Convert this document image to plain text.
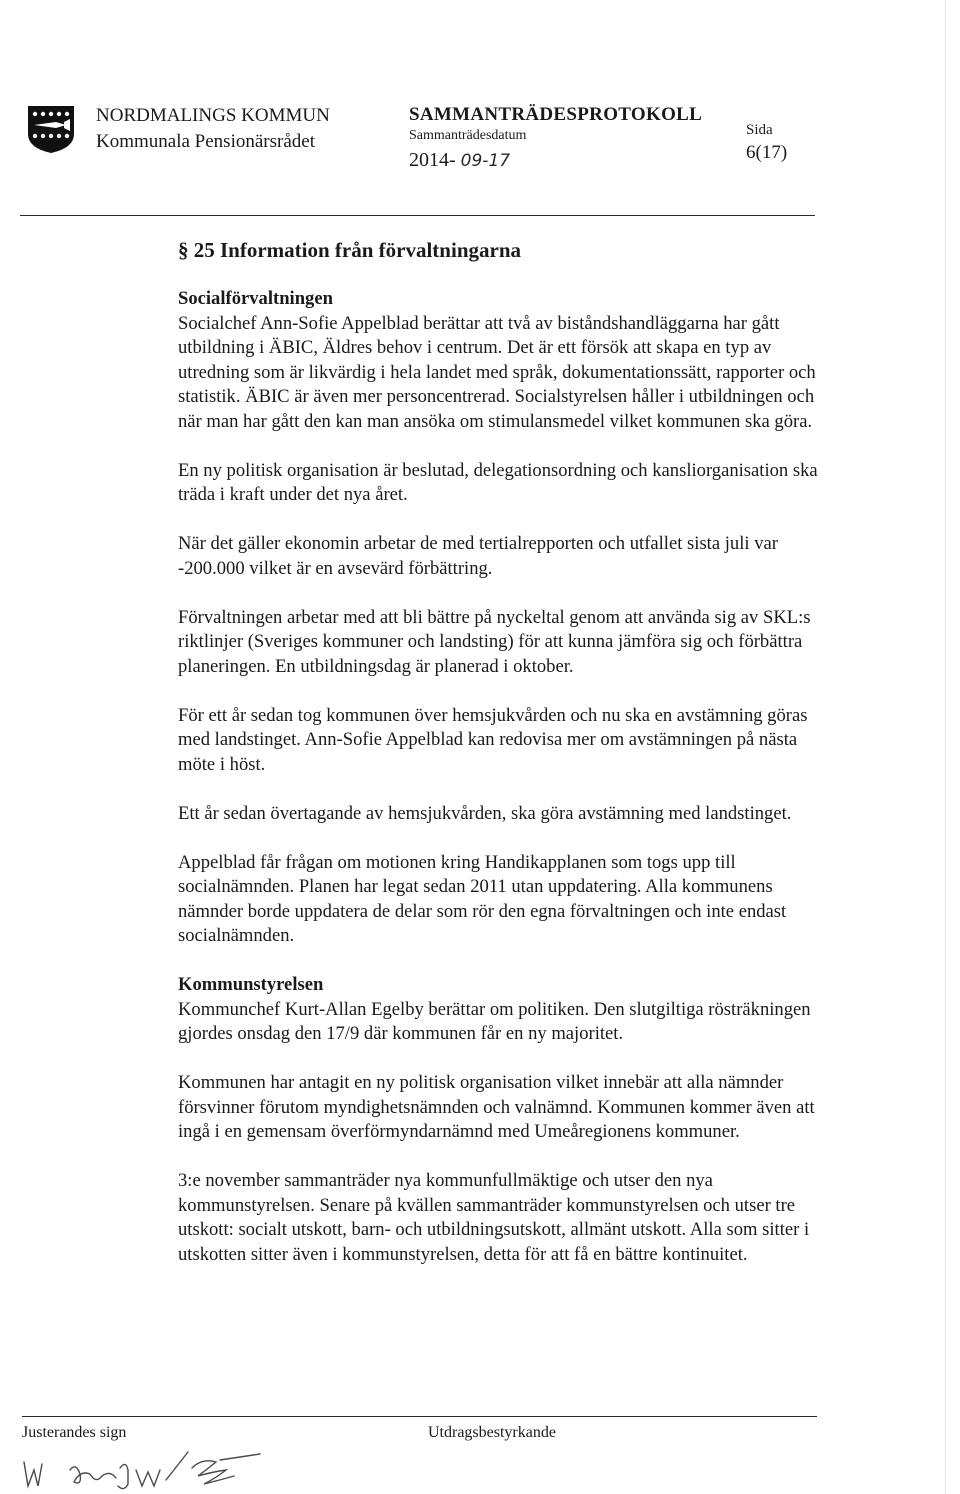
NORDMALINGS KOMMUN
Kommunala Pensionärsrådet
SAMMANTRÄDESPROTOKOLL
Sammanträdesdatum
2014- 09-17
Sida
6(17)
§ 25 Information från förvaltningarna
Socialförvaltningen

Socialchef Ann-Sofie Appelblad berättar att två av biståndshandläggarna har gått utbildning i ÄBIC, Äldres behov i centrum. Det är ett försök att skapa en typ av utredning som är likvärdig i hela landet med språk, dokumentationssätt, rapporter och statistik. ÄBIC är även mer personcentrerad. Socialstyrelsen håller i utbildningen och när man har gått den kan man ansöka om stimulansmedel vilket kommunen ska göra.

En ny politisk organisation är beslutad, delegationsordning och kansliorganisation ska träda i kraft under det nya året.

När det gäller ekonomin arbetar de med tertialrepporten och utfallet sista juli var -200.000 vilket är en avsevärd förbättring.

Förvaltningen arbetar med att bli bättre på nyckeltal genom att använda sig av SKL:s riktlinjer (Sveriges kommuner och landsting) för att kunna jämföra sig och förbättra planeringen. En utbildningsdag är planerad i oktober.

För ett år sedan tog kommunen över hemsjukvården och nu ska en avstämning göras med landstinget. Ann-Sofie Appelblad kan redovisa mer om avstämningen på nästa möte i höst.

Ett år sedan övertagande av hemsjukvården, ska göra avstämning med landstinget.

Appelblad får frågan om motionen kring Handikapplanen som togs upp till socialnämnden. Planen har legat sedan 2011 utan uppdatering. Alla kommunens nämnder borde uppdatera de delar som rör den egna förvaltningen och inte endast socialnämnden.

Kommunstyrelsen

Kommunchef Kurt-Allan Egelby berättar om politiken. Den slutgiltiga rösträkningen gjordes onsdag den 17/9 där kommunen får en ny majoritet.

Kommunen har antagit en ny politisk organisation vilket innebär att alla nämnder försvinner förutom myndighetsnämnden och valnämnd. Kommunen kommer även att ingå i en gemensam överförmyndarnämnd med Umeåregionens kommuner.

3:e november sammanträder nya kommunfullmäktige och utser den nya kommunstyrelsen. Senare på kvällen sammanträder kommunstyrelsen och utser tre utskott: socialt utskott, barn- och utbildningsutskott, allmänt utskott. Alla som sitter i utskotten sitter även i kommunstyrelsen, detta för att få en bättre kontinuitet.

Justerandes sign	Utdragsbestyrkande
